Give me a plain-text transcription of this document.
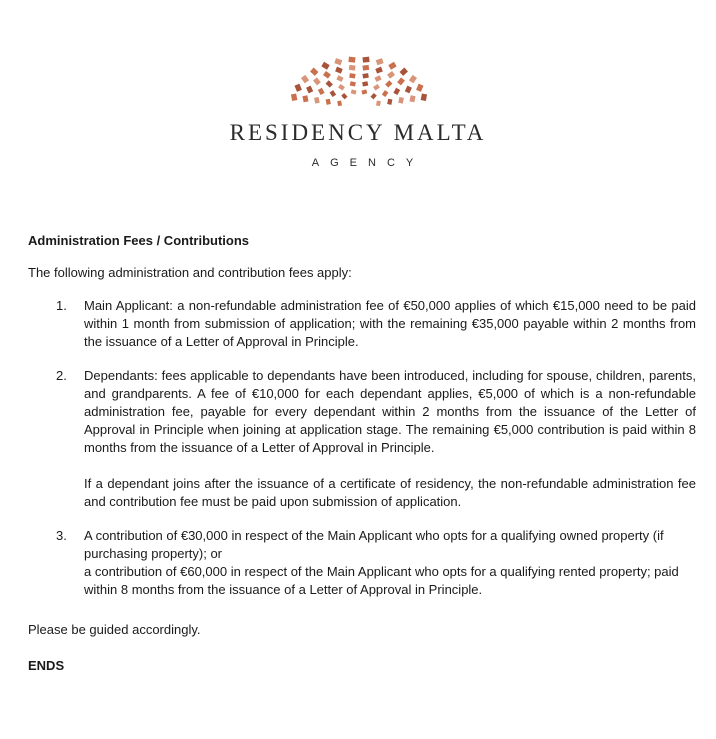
RESIDENCY MALTA
AGENCY

Administration Fees / Contributions

The following administration and contribution fees apply:

1. Main Applicant: a non-refundable administration fee of €50,000 applies of which €15,000 need to be paid within 1 month from submission of application; with the remaining €35,000 payable within 2 months from the issuance of a Letter of Approval in Principle.

2. Dependants: fees applicable to dependants have been introduced, including for spouse, children, parents, and grandparents. A fee of €10,000 for each dependant applies, €5,000 of which is a non-refundable administration fee, payable for every dependant within 2 months from the issuance of the Letter of Approval in Principle when joining at application stage. The remaining €5,000 contribution is paid within 8 months from the issuance of a Letter of Approval in Principle.

If a dependant joins after the issuance of a certificate of residency, the non-refundable administration fee and contribution fee must be paid upon submission of application.

3. A contribution of €30,000 in respect of the Main Applicant who opts for a qualifying owned property (if purchasing property); or
a contribution of €60,000 in respect of the Main Applicant who opts for a qualifying rented property; paid within 8 months from the issuance of a Letter of Approval in Principle.

Please be guided accordingly.

ENDS
